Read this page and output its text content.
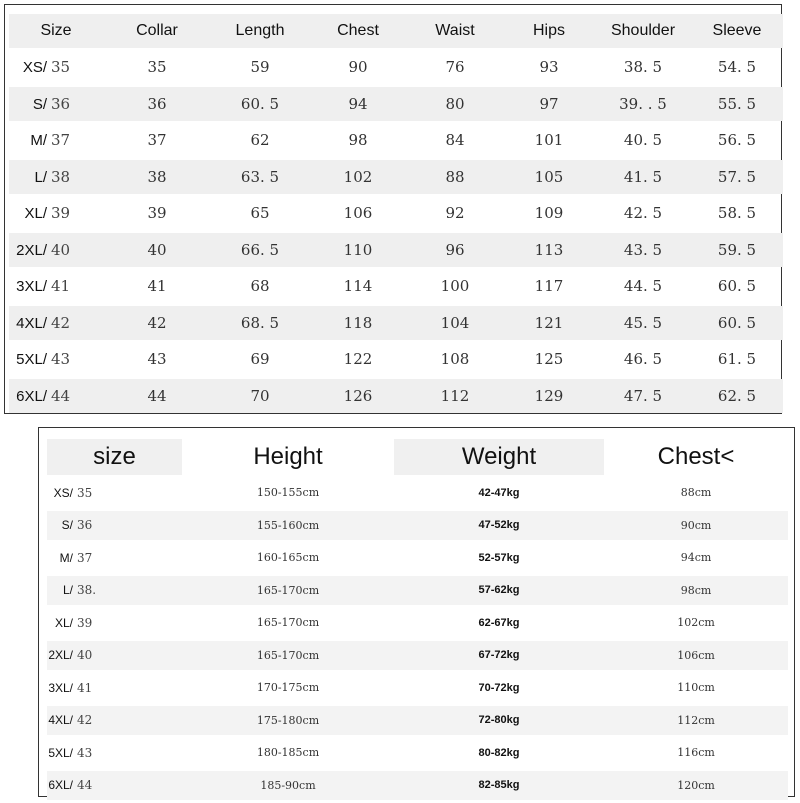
Size	Collar	Length	Chest	Waist	Hips	Shoulder	Sleeve
XS/ 35	35	59	90	76	93	38. 5	54. 5
S/ 36	36	60. 5	94	80	97	39. . 5	55. 5
M/ 37	37	62	98	84	101	40. 5	56. 5
L/ 38	38	63. 5	102	88	105	41. 5	57. 5
XL/ 39	39	65	106	92	109	42. 5	58. 5
2XL/ 40	40	66. 5	110	96	113	43. 5	59. 5
3XL/ 41	41	68	114	100	117	44. 5	60. 5
4XL/ 42	42	68. 5	118	104	121	45. 5	60. 5
5XL/ 43	43	69	122	108	125	46. 5	61. 5
6XL/ 44	44	70	126	112	129	47. 5	62. 5
size	Height	Weight	Chest<
XS/ 35	150-155cm	42-47kg	88cm
S/ 36	155-160cm	47-52kg	90cm
M/ 37	160-165cm	52-57kg	94cm
L/ 38.	165-170cm	57-62kg	98cm
XL/ 39	165-170cm	62-67kg	102cm
2XL/ 40	165-170cm	67-72kg	106cm
3XL/ 41	170-175cm	70-72kg	110cm
4XL/ 42	175-180cm	72-80kg	112cm
5XL/ 43	180-185cm	80-82kg	116cm
6XL/ 44	185-90cm	82-85kg	120cm
